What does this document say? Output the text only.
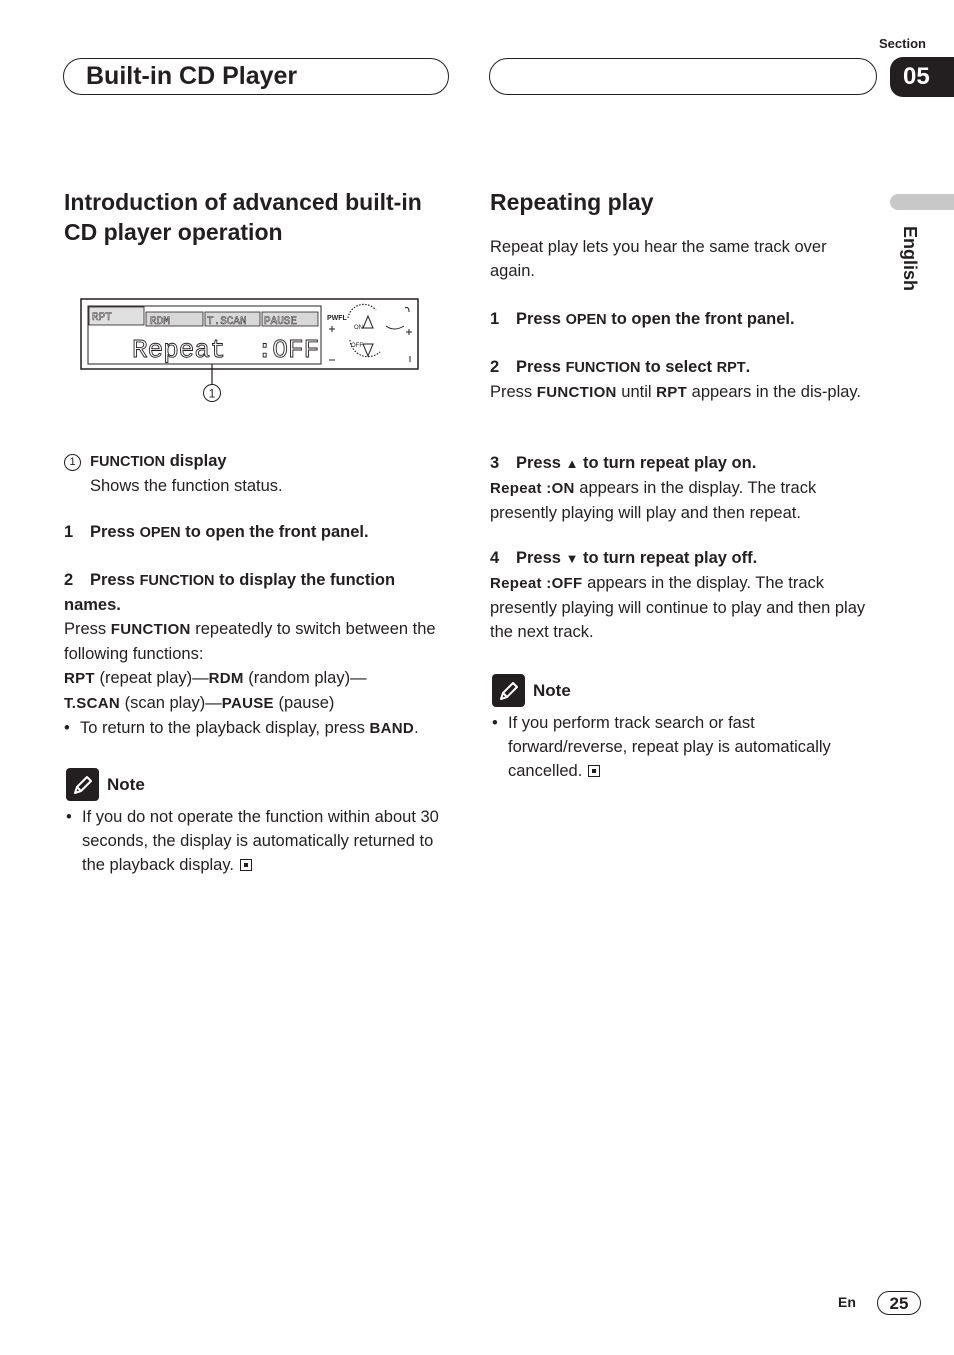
Section
Built-in CD Player	05
English
Introduction of advanced built-in CD player operation
RPT	RDM	T.SCAN PAUSE
Repeat  :OFF
PWFL
ON
OFF
1

1 FUNCTION display

Shows the function status.

1 Press OPEN to open the front panel.

2 Press FUNCTION to display the function names.

Press FUNCTION repeatedly to switch between the following functions:

RPT (repeat play)—RDM (random play)—
T.SCAN (scan play)—PAUSE (pause)

• To return to the playback display, press BAND.
Note
• If you do not operate the function within about 30 seconds, the display is automatically returned to the playback display.
Repeating play
Repeat play lets you hear the same track over again.
1 Press OPEN to open the front panel.

2 Press FUNCTION to select RPT.

Press FUNCTION until RPT appears in the dis-play.

3 Press ▲ to turn repeat play on.

Repeat :ON appears in the display. The track presently playing will play and then repeat.

4 Press ▼ to turn repeat play off.

Repeat :OFF appears in the display. The track presently playing will continue to play and then play the next track.

Note
• If you perform track search or fast forward/reverse, repeat play is automatically cancelled.
En	25
